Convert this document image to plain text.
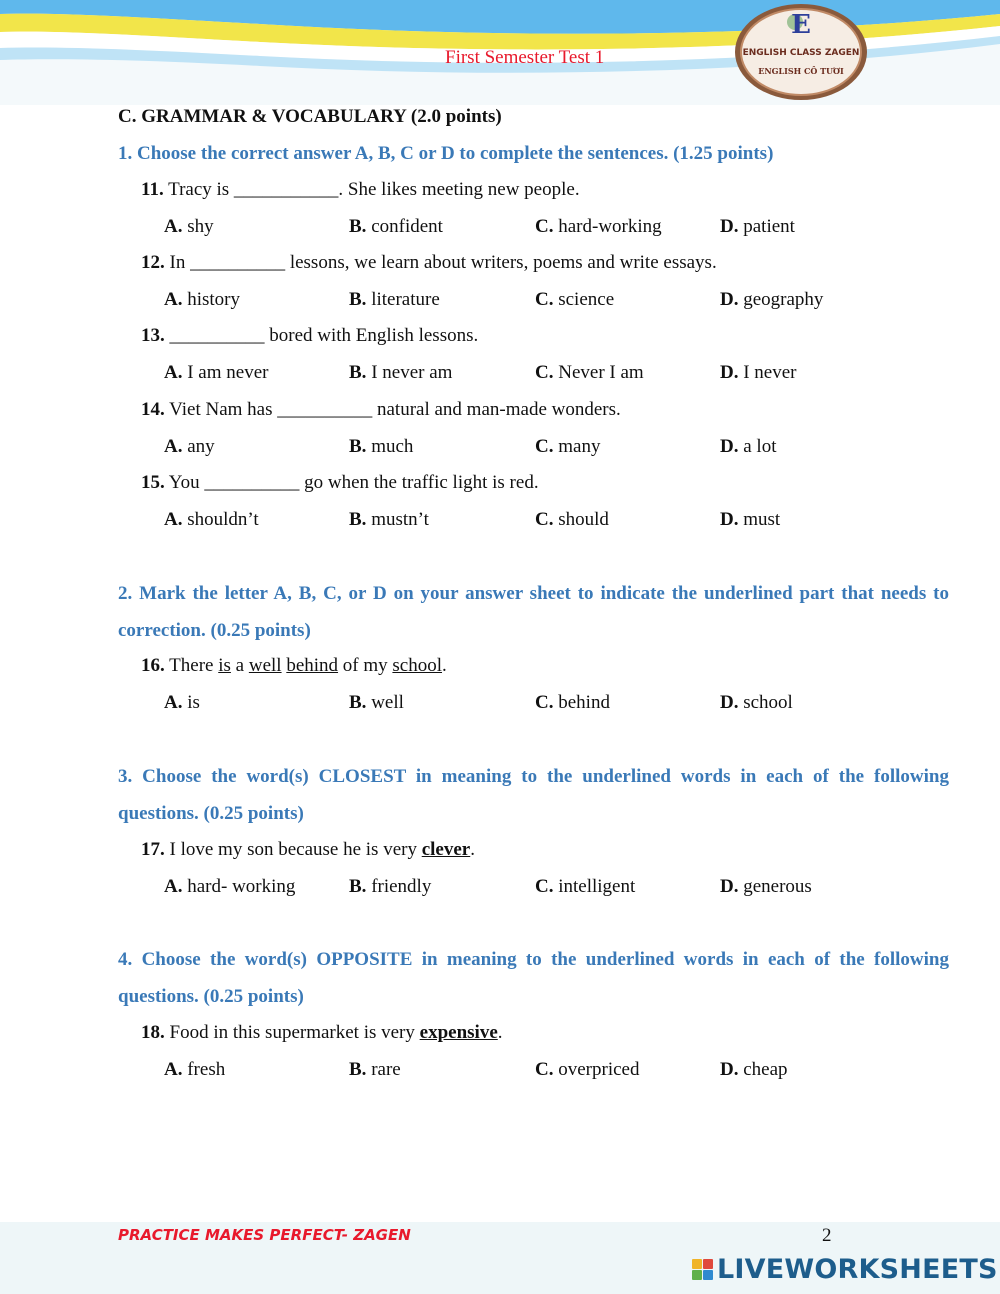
First Semester Test 1
E
ENGLISH CLASS ZAGEN
ENGLISH CÔ TƯƠI
C. GRAMMAR & VOCABULARY (2.0 points)
1. Choose the correct answer A, B, C or D to complete the sentences. (1.25 points)
11. Tracy is ___________. She likes meeting new people.
A. shy	B. confident	C. hard-working	D. patient
12. In __________ lessons, we learn about writers, poems and write essays.
A. history	B. literature	C. science	D. geography
13. __________ bored with English lessons.
A. I am never	B. I never am	C. Never I am	D. I never
14. Viet Nam has __________ natural and man-made wonders.
A. any	B. much	C. many	D. a lot
15. You __________ go when the traffic light is red.
A. shouldn’t	B. mustn’t	C. should	D. must
2. Mark the letter A, B, C, or D on your answer sheet to indicate the underlined part that needs to correction. (0.25 points)
16. There is a well behind of my school.
A. is	B. well	C. behind	D. school
3. Choose the word(s) CLOSEST in meaning to the underlined words in each of the following questions. (0.25 points)
17. I love my son because he is very clever.
A. hard- working	B. friendly	C. intelligent	D. generous
4. Choose the word(s) OPPOSITE in meaning to the underlined words in each of the following questions. (0.25 points)
18. Food in this supermarket is very expensive.
A. fresh	B. rare	C. overpriced	D. cheap
PRACTICE MAKES PERFECT- ZAGEN	2
LIVEWORKSHEETS
